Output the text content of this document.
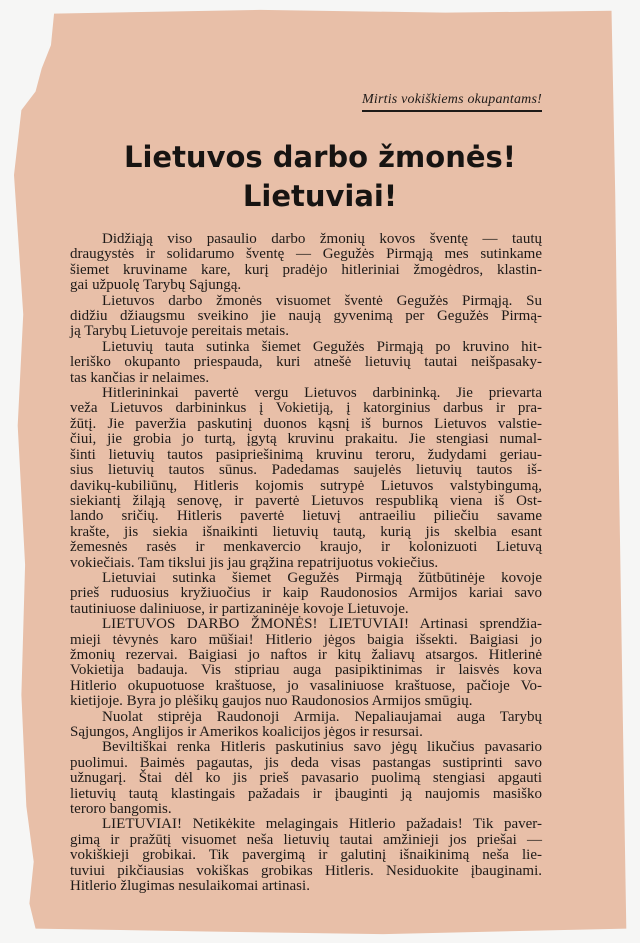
Mirtis vokiškiems okupantams!
Lietuvos darbo žmonės!
Lietuviai!
Didžiąją viso pasaulio darbo žmonių kovos šventę — tautų
draugystės ir solidarumo šventę — Gegužės Pirmąją mes sutinkame
šiemet kruviname kare, kurį pradėjo hitleriniai žmogėdros, klastin-
gai užpuolę Tarybų Sąjungą.
Lietuvos darbo žmonės visuomet šventė Gegužės Pirmąją. Su
didžiu džiaugsmu sveikino jie naują gyvenimą per Gegužės Pirmą-
ją Tarybų Lietuvoje pereitais metais.
Lietuvių tauta sutinka šiemet Gegužės Pirmąją po kruvino hit-
leriško okupanto priespauda, kuri atnešė lietuvių tautai neišpasaky-
tas kančias ir nelaimes.
Hitlerininkai pavertė vergu Lietuvos darbininką. Jie prievarta
veža Lietuvos darbininkus į Vokietiją, į katorginius darbus ir pra-
žūtį. Jie paveržia paskutinį duonos kąsnį iš burnos Lietuvos valstie-
čiui, jie grobia jo turtą, įgytą kruvinu prakaitu. Jie stengiasi numal-
šinti lietuvių tautos pasipriešinimą kruvinu teroru, žudydami geriau-
sius lietuvių tautos sūnus. Padedamas saujelės lietuvių tautos iš-
davikų-kubiliūnų, Hitleris kojomis sutrypė Lietuvos valstybingumą,
siekiantį žiląją senovę, ir pavertė Lietuvos respubliką viena iš Ost-
lando sričių. Hitleris pavertė lietuvį antraeiliu piliečiu savame
krašte, jis siekia išnaikinti lietuvių tautą, kurią jis skelbia esant
žemesnės rasės ir menkavercio kraujo, ir kolonizuoti Lietuvą
vokiečiais. Tam tikslui jis jau grąžina repatrijuotus vokiečius.
Lietuviai sutinka šiemet Gegužės Pirmąją žūtbūtinėje kovoje
prieš ruduosius kryžiuočius ir kaip Raudonosios Armijos kariai savo
tautiniuose daliniuose, ir partizaninėje kovoje Lietuvoje.
LIETUVOS DARBO ŽMONĖS! LIETUVIAI! Artinasi sprendžia-
mieji tėvynės karo mūšiai! Hitlerio jėgos baigia išsekti. Baigiasi jo
žmonių rezervai. Baigiasi jo naftos ir kitų žaliavų atsargos. Hitlerinė
Vokietija badauja. Vis stipriau auga pasipiktinimas ir laisvės kova
Hitlerio okupuotuose kraštuose, jo vasaliniuose kraštuose, pačioje Vo-
kietijoje. Byra jo plėšikų gaujos nuo Raudonosios Armijos smūgių.
Nuolat stiprėja Raudonoji Armija. Nepaliaujamai auga Tarybų
Sąjungos, Anglijos ir Amerikos koalicijos jėgos ir resursai.
Beviltiškai renka Hitleris paskutinius savo jėgų likučius pavasario
puolimui. Baimės pagautas, jis deda visas pastangas sustiprinti savo
užnugarį. Štai dėl ko jis prieš pavasario puolimą stengiasi apgauti
lietuvių tautą klastingais pažadais ir įbauginti ją naujomis masiško
teroro bangomis.
LIETUVIAI! Netikėkite melagingais Hitlerio pažadais! Tik paver-
gimą ir pražūtį visuomet neša lietuvių tautai amžinieji jos priešai —
vokiškieji grobikai. Tik pavergimą ir galutinį išnaikinimą neša lie-
tuviui pikčiausias vokiškas grobikas Hitleris. Nesiduokite įbauginami.
Hitlerio žlugimas nesulaikomai artinasi.
